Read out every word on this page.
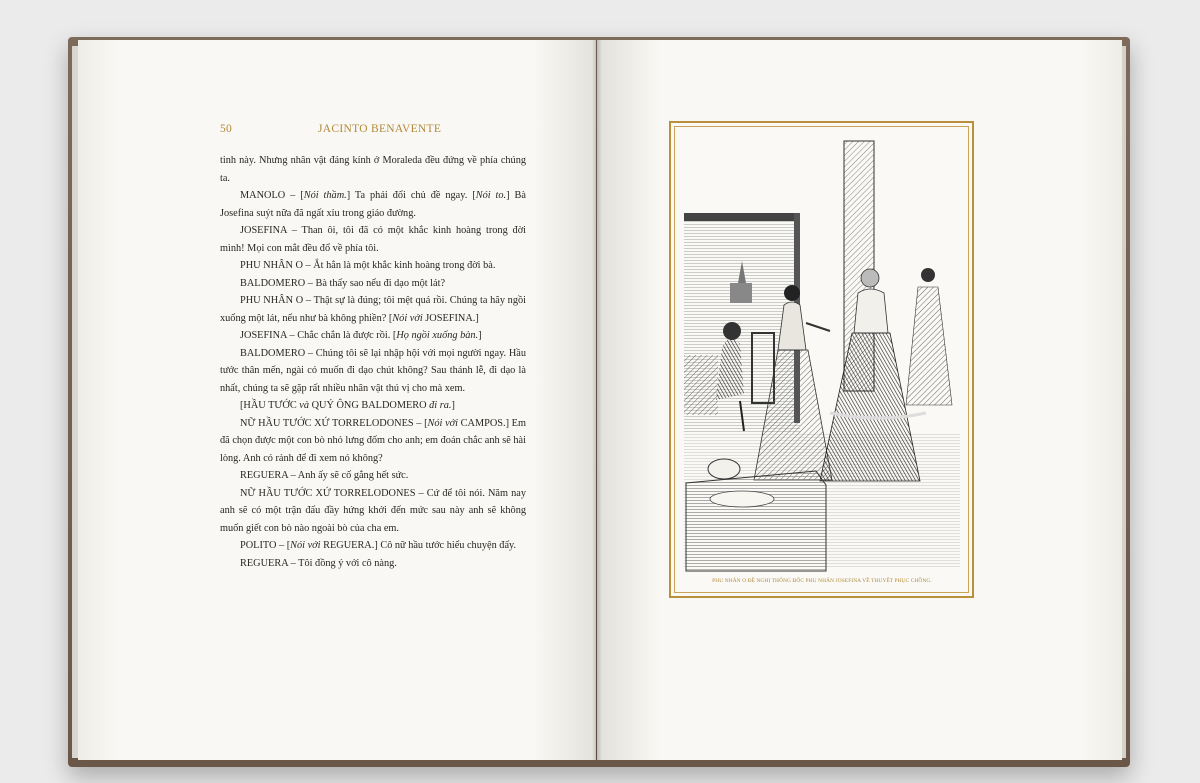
50	JACINTO BENAVENTE

tinh này. Nhưng nhân vật đáng kính ở Moraleda đều đứng về phía chúng ta.

MANOLO – [Nói thầm.] Ta phải đổi chủ đề ngay. [Nói to.] Bà Josefina suýt nữa đã ngất xỉu trong giáo đường.

JOSEFINA – Than ôi, tôi đã có một khắc kinh hoàng trong đời mình! Mọi con mắt đều đổ về phía tôi.

PHU NHÂN O – Ắt hẳn là một khắc kinh hoàng trong đời bà.

BALDOMERO – Bà thấy sao nếu đi dạo một lát?

PHU NHÂN O – Thật sự là đúng; tôi mệt quá rồi. Chúng ta hãy ngồi xuống một lát, nếu như bà không phiền? [Nói với JOSEFINA.]

JOSEFINA – Chắc chắn là được rồi. [Họ ngồi xuống bàn.]

BALDOMERO – Chúng tôi sẽ lại nhập hội với mọi người ngay. Hầu tước thân mến, ngài có muốn đi dạo chút không? Sau thánh lễ, đi dạo là nhất, chúng ta sẽ gặp rất nhiều nhân vật thú vị cho mà xem.

[HẦU TƯỚC và QUÝ ÔNG BALDOMERO đi ra.]

NỮ HẦU TƯỚC XỨ TORRELODONES – [Nói với CAMPOS.] Em đã chọn được một con bò nhỏ lưng đốm cho anh; em đoán chắc anh sẽ hài lòng. Anh có rảnh để đi xem nó không?

REGUERA – Anh ấy sẽ cố gắng hết sức.

NỮ HẦU TƯỚC XỨ TORRELODONES – Cứ để tôi nói. Năm nay anh sẽ có một trận đấu đầy hứng khởi đến mức sau này anh sẽ không muốn giết con bò nào ngoài bò của cha em.

POLITO – [Nói với REGUERA.] Cô nữ hầu tước hiểu chuyện đấy.

REGUERA – Tôi đồng ý với cô nàng.

PHU NHÂN O ĐỀ NGHỊ THỐNG ĐỐC PHU NHÂN JOSEFINA VỀ THUYẾT PHỤC CHỒNG.
